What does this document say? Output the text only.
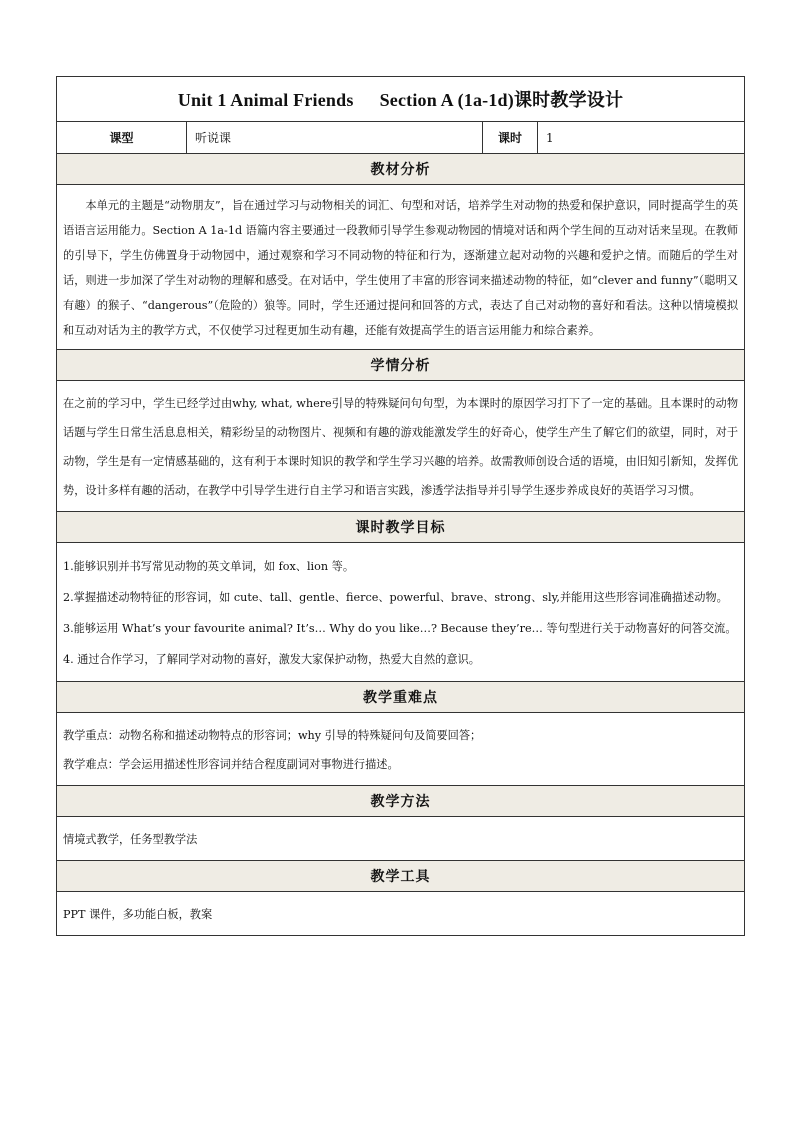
Unit 1 Animal Friends Section A (1a-1d)课时教学设计
课型	听说课	课时	1
教材分析

本单元的主题是“动物朋友”，旨在通过学习与动物相关的词汇、句型和对话，培养学生对动物的热爱和保护意识，同时提高学生的英语语言运用能力。Section A 1a-1d 语篇内容主要通过一段教师引导学生参观动物园的情境对话和两个学生间的互动对话来呈现。在教师的引导下，学生仿佛置身于动物园中，通过观察和学习不同动物的特征和行为，逐渐建立起对动物的兴趣和爱护之情。而随后的学生对话，则进一步加深了学生对动物的理解和感受。在对话中，学生使用了丰富的形容词来描述动物的特征，如“clever and funny”（聪明又有趣）的猴子、“dangerous”（危险的）狼等。同时，学生还通过提问和回答的方式，表达了自己对动物的喜好和看法。这种以情境模拟和互动对话为主的教学方式，不仅使学习过程更加生动有趣，还能有效提高学生的语言运用能力和综合素养。

学情分析

在之前的学习中，学生已经学过由why, what, where引导的特殊疑问句句型，为本课时的原因学习打下了一定的基础。且本课时的动物话题与学生日常生活息息相关，精彩纷呈的动物图片、视频和有趣的游戏能激发学生的好奇心，使学生产生了解它们的欲望，同时，对于动物，学生是有一定情感基础的，这有利于本课时知识的教学和学生学习兴趣的培养。故需教师创设合适的语境，由旧知引新知，发挥优势，设计多样有趣的活动，在教学中引导学生进行自主学习和语言实践，渗透学法指导并引导学生逐步养成良好的英语学习习惯。

课时教学目标

1.能够识别并书写常见动物的英文单词，如 fox、lion 等。

2.掌握描述动物特征的形容词，如 cute、tall、gentle、fierce、powerful、brave、strong、sly,并能用这些形容词准确描述动物。

3.能够运用 What’s your favourite animal? It’s… Why do you like…? Because they’re… 等句型进行关于动物喜好的问答交流。

4. 通过合作学习，了解同学对动物的喜好，激发大家保护动物，热爱大自然的意识。

教学重难点

教学重点：动物名称和描述动物特点的形容词；why 引导的特殊疑问句及简要回答；

教学难点：学会运用描述性形容词并结合程度副词对事物进行描述。

教学方法

情境式教学，任务型教学法

教学工具

PPT 课件，多功能白板，教案
